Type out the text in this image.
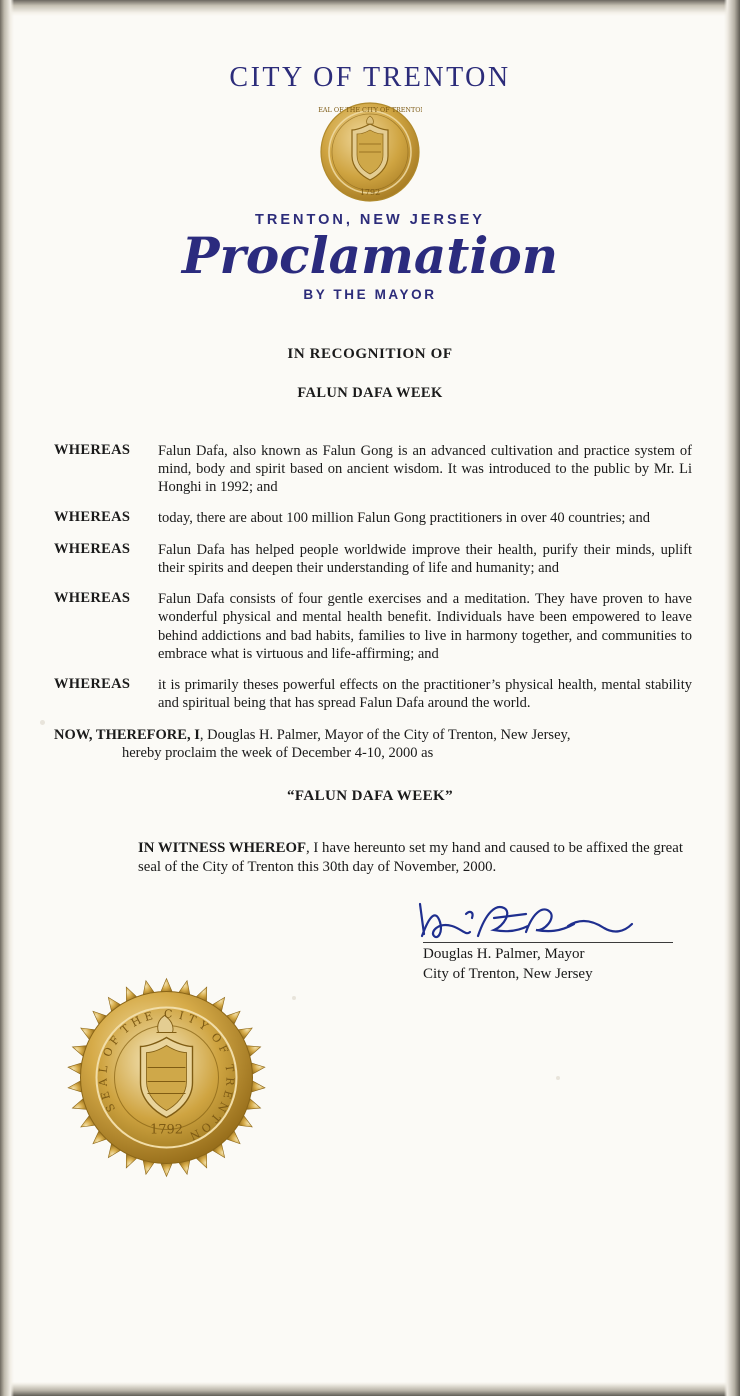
CITY OF TRENTON
1792
SEAL OF THE CITY OF TRENTON
TRENTON, NEW JERSEY
Proclamation
BY THE MAYOR
IN RECOGNITION OF
FALUN DAFA WEEK
WHEREAS	Falun Dafa, also known as Falun Gong is an advanced cultivation and practice system of mind, body and spirit based on ancient wisdom. It was introduced to the public by Mr. Li Honghi in 1992; and
WHEREAS	today, there are about 100 million Falun Gong practitioners in over 40 countries; and
WHEREAS	Falun Dafa has helped people worldwide improve their health, purify their minds, uplift their spirits and deepen their understanding of life and humanity; and
WHEREAS	Falun Dafa consists of four gentle exercises and a meditation. They have proven to have wonderful physical and mental health benefit. Individuals have been empowered to leave behind addictions and bad habits, families to live in harmony together, and communities to embrace what is virtuous and life-affirming; and
WHEREAS	it is primarily theses powerful effects on the practitioner’s physical health, mental stability and spiritual being that has spread Falun Dafa around the world.
NOW, THEREFORE, I, Douglas H. Palmer, Mayor of the City of Trenton, New Jersey,
hereby proclaim the week of December 4-10, 2000 as
“FALUN DAFA WEEK”
IN WITNESS WHEREOF, I have hereunto set my hand and caused to be affixed the great seal of the City of Trenton this 30th day of November, 2000.
Douglas H. Palmer, Mayor
City of Trenton, New Jersey
1792
S
E
A
L
O
F
T
H
E C I T
Y
O
F
T
R
E
N
T
O
N
